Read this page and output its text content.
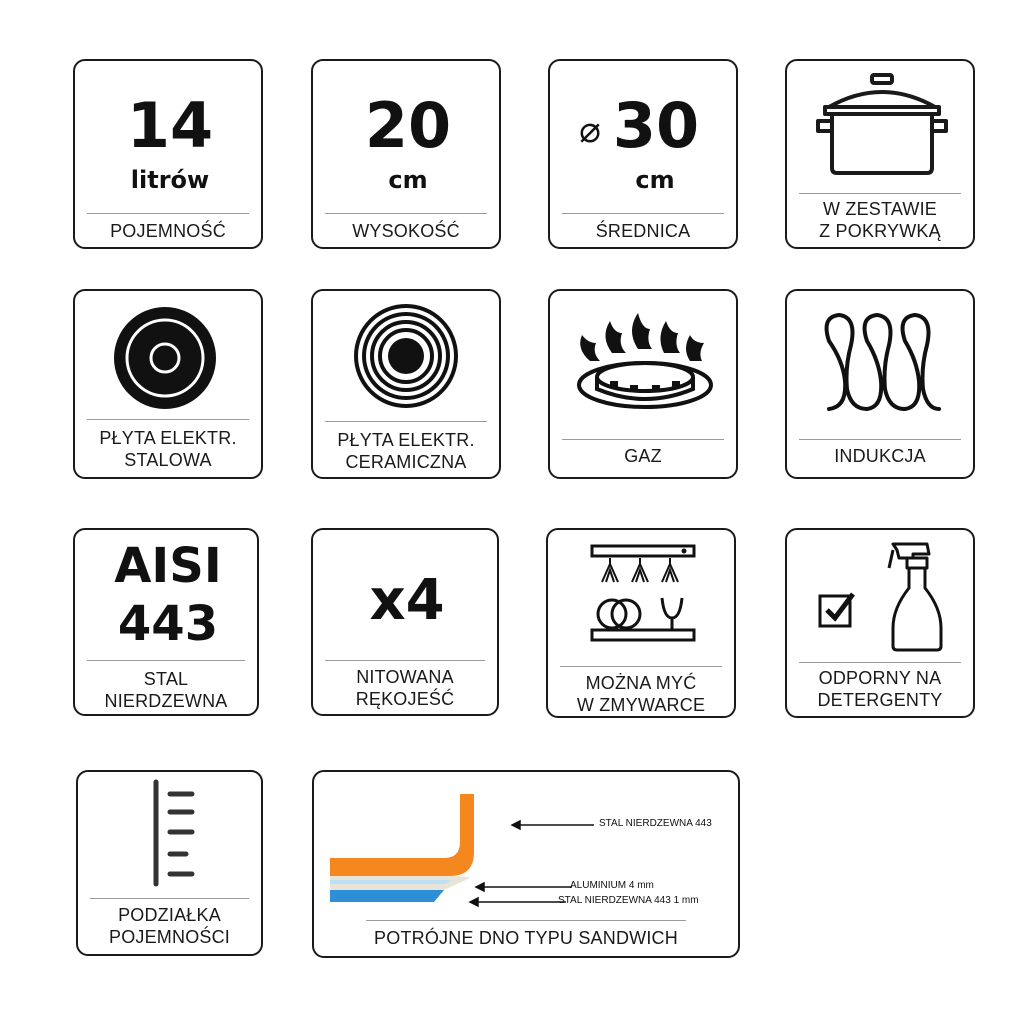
14
litrów
POJEMNOŚĆ
20
cm
WYSOKOŚĆ
⌀ 30
cm
ŚREDNICA
W ZESTAWIE
Z POKRYWKĄ
PŁYTA ELEKTR.
STALOWA
PŁYTA ELEKTR.
CERAMICZNA	GAZ	INDUKCJA
AISI
443
STAL
NIERDZEWNA
x4
NITOWANA
RĘKOJEŚĆ
MOŻNA MYĆ
W ZMYWARCE
ODPORNY NA
DETERGENTY
PODZIAŁKA
POJEMNOŚCI
STAL NIERDZEWNA 443
ALUMINIUM 4 mm
STAL NIERDZEWNA 443 1 mm
POTRÓJNE DNO TYPU SANDWICH
